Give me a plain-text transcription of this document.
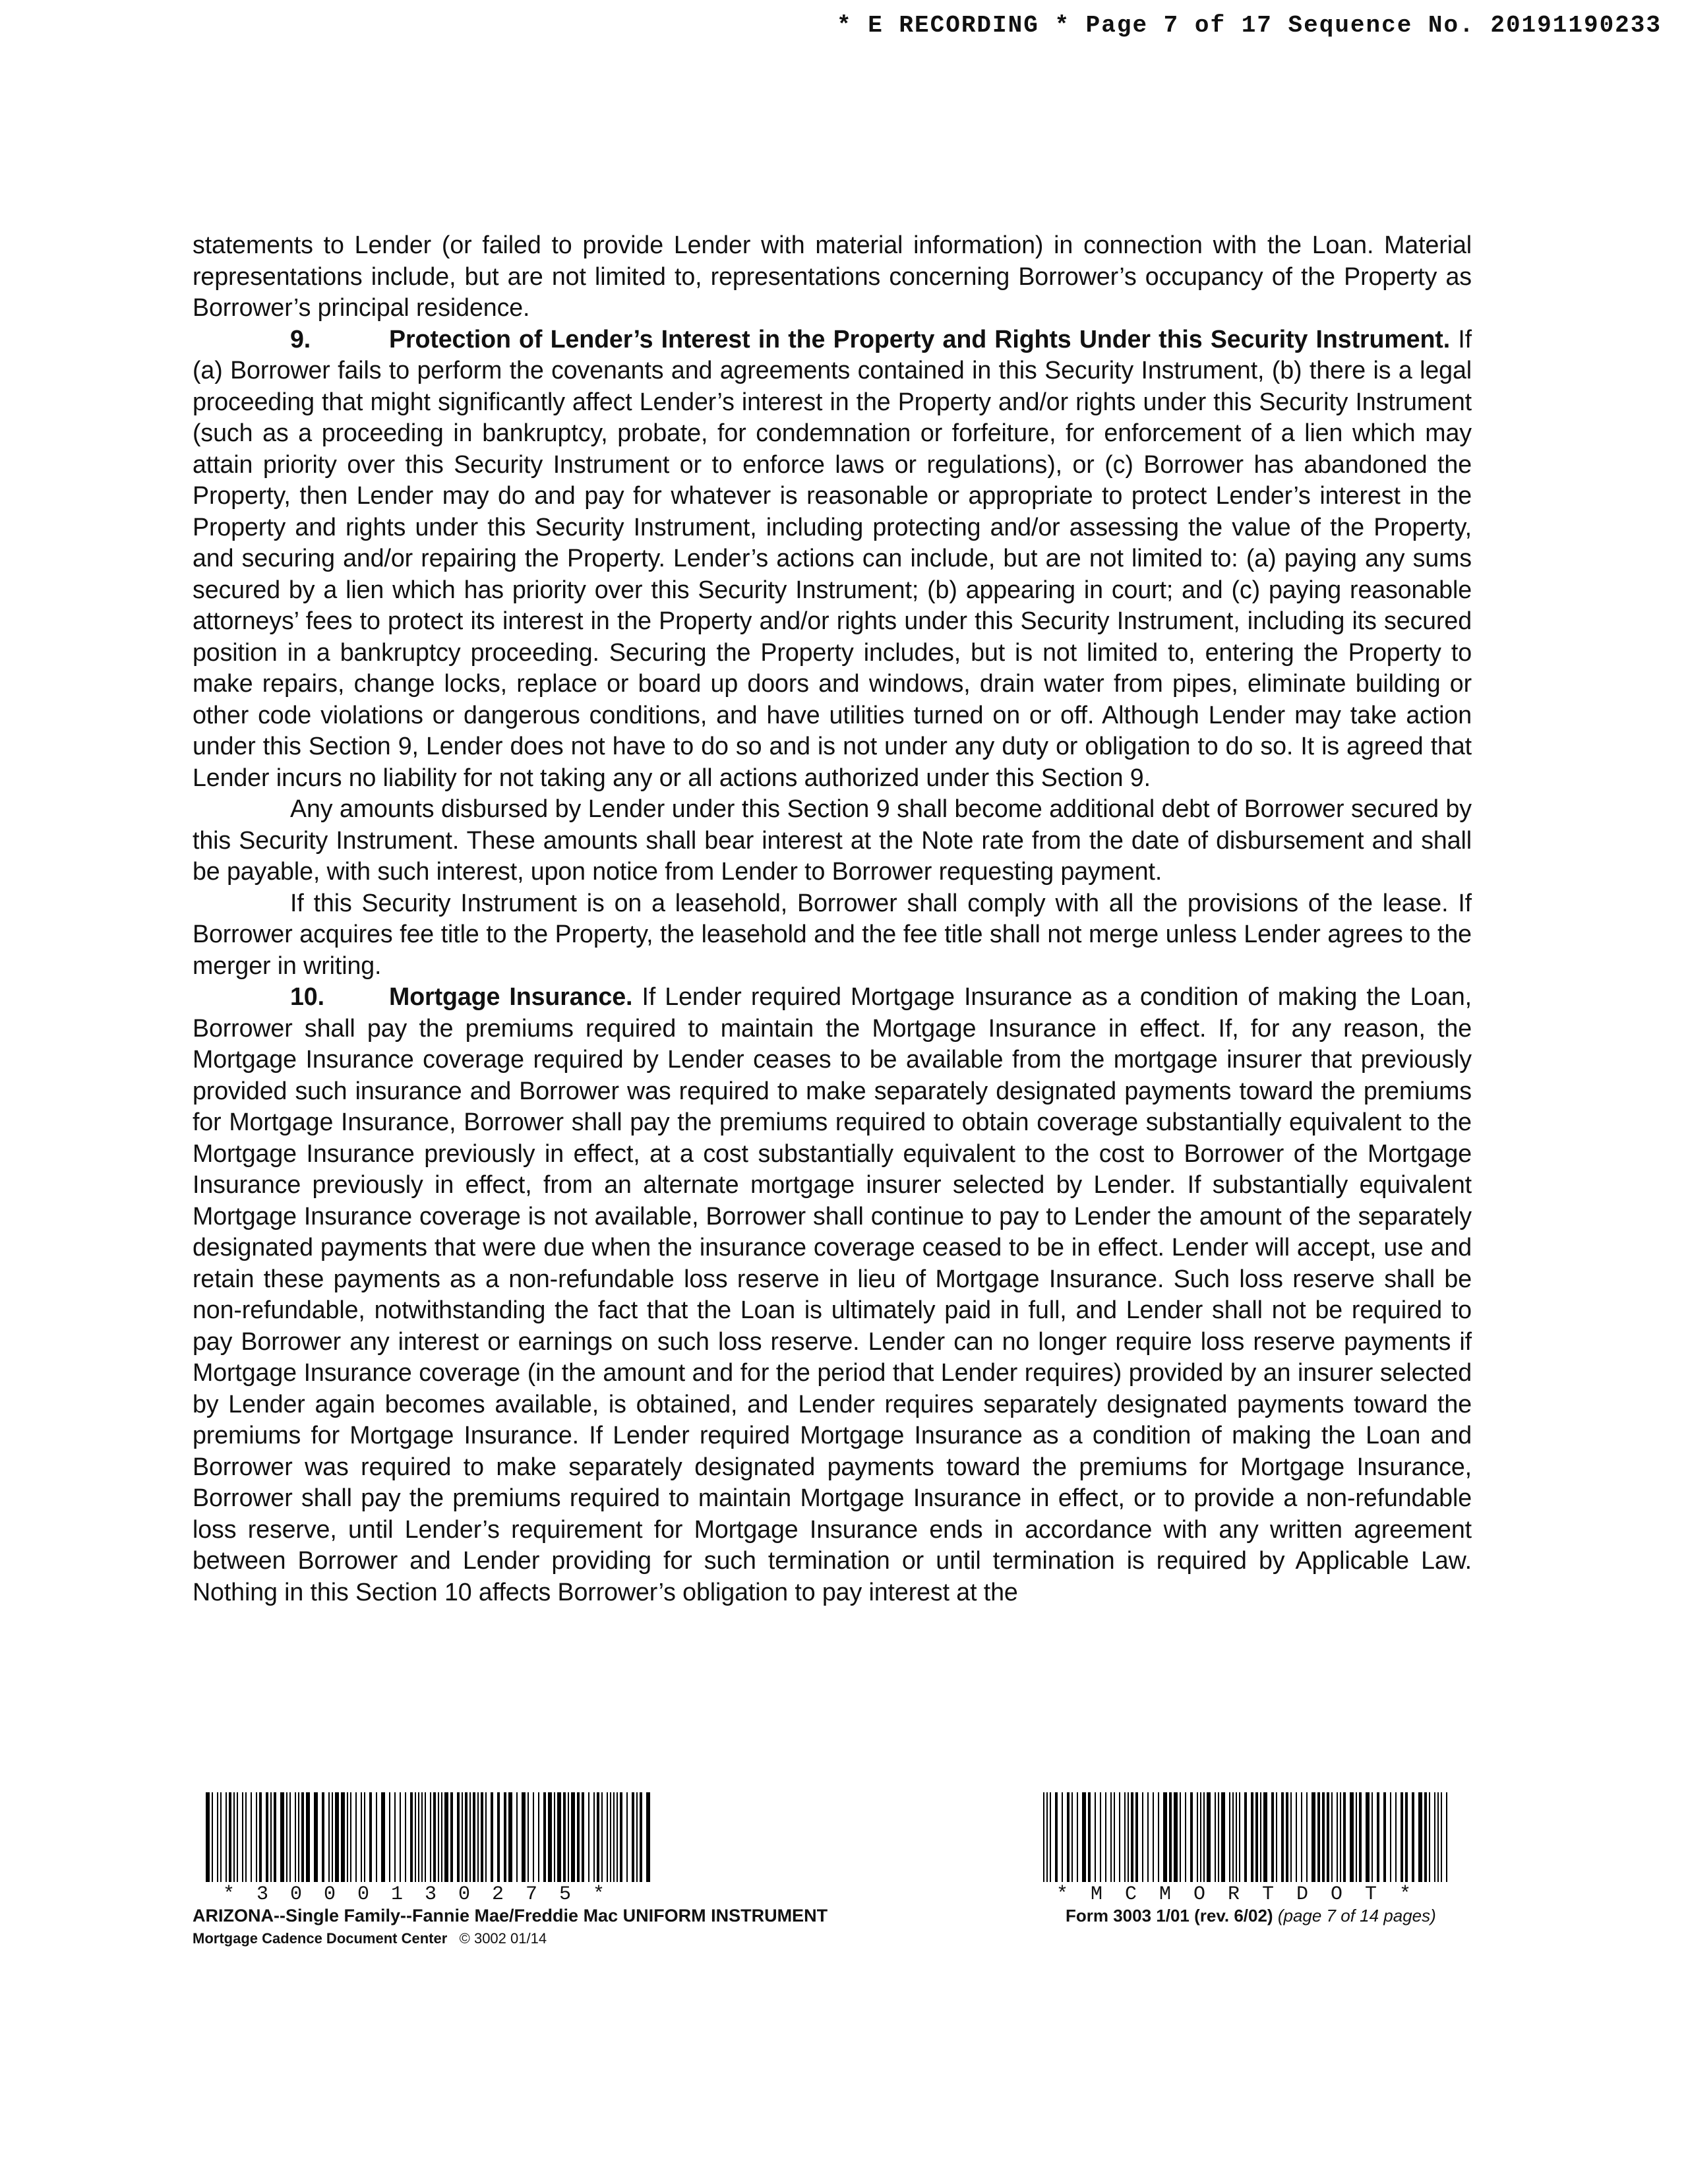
* E RECORDING * Page 7 of 17 Sequence No. 20191190233

statements to Lender (or failed to provide Lender with material information) in connection with the Loan. Material representations include, but are not limited to, representations concerning Borrower’s occupancy of the Property as Borrower’s principal residence.

9.	Protection of Lender’s Interest in the Property and Rights Under this Security Instrument. If (a) Borrower fails to perform the covenants and agreements contained in this Security Instrument, (b) there is a legal proceeding that might significantly affect Lender’s interest in the Property and/or rights under this Security Instrument (such as a proceeding in bankruptcy, probate, for condemnation or forfeiture, for enforcement of a lien which may attain priority over this Security Instrument or to enforce laws or regulations), or (c) Borrower has abandoned the Property, then Lender may do and pay for whatever is reasonable or appropriate to protect Lender’s interest in the Property and rights under this Security Instrument, including protecting and/or assessing the value of the Property, and securing and/or repairing the Property. Lender’s actions can include, but are not limited to: (a) paying any sums secured by a lien which has priority over this Security Instrument; (b) appearing in court; and (c) paying reasonable attorneys’ fees to protect its interest in the Property and/or rights under this Security Instrument, including its secured position in a bankruptcy proceeding. Securing the Property includes, but is not limited to, entering the Property to make repairs, change locks, replace or board up doors and windows, drain water from pipes, eliminate building or other code violations or dangerous conditions, and have utilities turned on or off. Although Lender may take action under this Section 9, Lender does not have to do so and is not under any duty or obligation to do so. It is agreed that Lender incurs no liability for not taking any or all actions authorized under this Section 9.

Any amounts disbursed by Lender under this Section 9 shall become additional debt of Borrower secured by this Security Instrument. These amounts shall bear interest at the Note rate from the date of disbursement and shall be payable, with such interest, upon notice from Lender to Borrower requesting payment.

If this Security Instrument is on a leasehold, Borrower shall comply with all the provisions of the lease. If Borrower acquires fee title to the Property, the leasehold and the fee title shall not merge unless Lender agrees to the merger in writing.

10.	Mortgage Insurance. If Lender required Mortgage Insurance as a condition of making the Loan, Borrower shall pay the premiums required to maintain the Mortgage Insurance in effect. If, for any reason, the Mortgage Insurance coverage required by Lender ceases to be available from the mortgage insurer that previously provided such insurance and Borrower was required to make separately designated payments toward the premiums for Mortgage Insurance, Borrower shall pay the premiums required to obtain coverage substantially equivalent to the Mortgage Insurance previously in effect, at a cost substantially equivalent to the cost to Borrower of the Mortgage Insurance previously in effect, from an alternate mortgage insurer selected by Lender. If substantially equivalent Mortgage Insurance coverage is not available, Borrower shall continue to pay to Lender the amount of the separately designated payments that were due when the insurance coverage ceased to be in effect. Lender will accept, use and retain these payments as a non-refundable loss reserve in lieu of Mortgage Insurance. Such loss reserve shall be non-refundable, notwithstanding the fact that the Loan is ultimately paid in full, and Lender shall not be required to pay Borrower any interest or earnings on such loss reserve. Lender can no longer require loss reserve payments if Mortgage Insurance coverage (in the amount and for the period that Lender requires) provided by an insurer selected by Lender again becomes available, is obtained, and Lender requires separately designated payments toward the premiums for Mortgage Insurance. If Lender required Mortgage Insurance as a condition of making the Loan and Borrower was required to make separately designated payments toward the premiums for Mortgage Insurance, Borrower shall pay the premiums required to maintain Mortgage Insurance in effect, or to provide a non-refundable loss reserve, until Lender’s requirement for Mortgage Insurance ends in accordance with any written agreement between Borrower and Lender providing for such termination or until termination is required by Applicable Law. Nothing in this Section 10 affects Borrower’s obligation to pay interest at the

*3000130275*
ARIZONA--Single Family--Fannie Mae/Freddie Mac UNIFORM INSTRUMENT
Mortgage Cadence Document Center © 3002 01/14
*MCMORTDOT*
Form 3003 1/01 (rev. 6/02) (page 7 of 14 pages)
